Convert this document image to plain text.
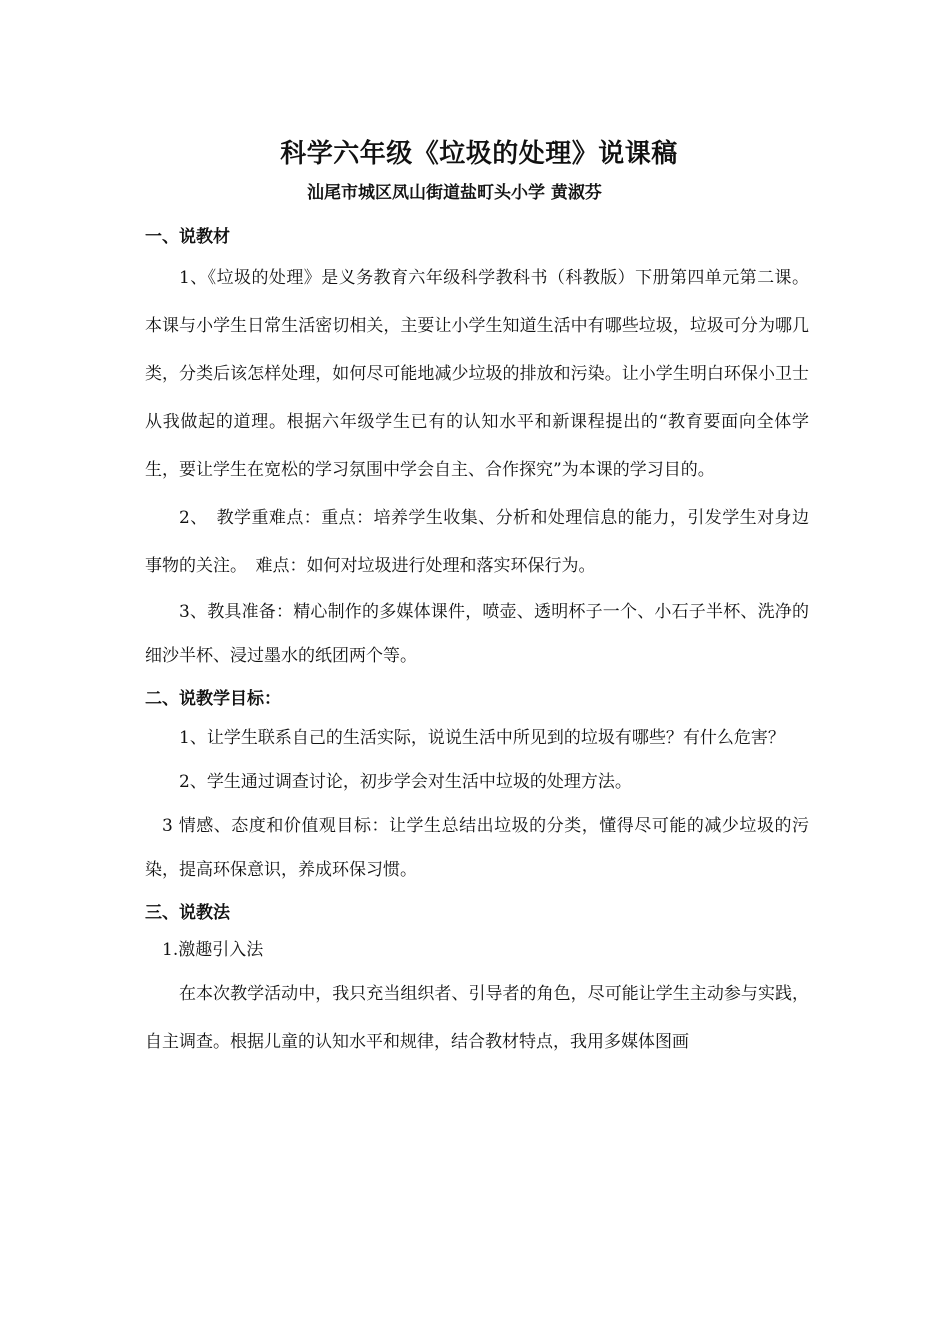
科学六年级《垃圾的处理》说课稿
汕尾市城区凤山街道盐町头小学 黄淑芬

一、说教材

1、《垃圾的处理》是义务教育六年级科学教科书（科教版）下册第四单元第二课。本课与小学生日常生活密切相关，主要让小学生知道生活中有哪些垃圾，垃圾可分为哪几类，分类后该怎样处理，如何尽可能地减少垃圾的排放和污染。让小学生明白环保小卫士从我做起的道理。根据六年级学生已有的认知水平和新课程提出的“教育要面向全体学生，要让学生在宽松的学习氛围中学会自主、合作探究”为本课的学习目的。

2、　教学重难点：重点：培养学生收集、分析和处理信息的能力，引发学生对身边事物的关注。　难点：如何对垃圾进行处理和落实环保行为。

3、教具准备：精心制作的多媒体课件，喷壶、透明杯子一个、小石子半杯、洗净的细沙半杯、浸过墨水的纸团两个等。

二、说教学目标：

1、让学生联系自己的生活实际，说说生活中所见到的垃圾有哪些？有什么危害？

2、学生通过调查讨论，初步学会对生活中垃圾的处理方法。

3 情感、态度和价值观目标：让学生总结出垃圾的分类，懂得尽可能的减少垃圾的污染，提高环保意识，养成环保习惯。

三、说教法

1.激趣引入法

在本次教学活动中，我只充当组织者、引导者的角色，尽可能让学生主动参与实践，自主调查。根据儿童的认知水平和规律，结合教材特点，我用多媒体图画
